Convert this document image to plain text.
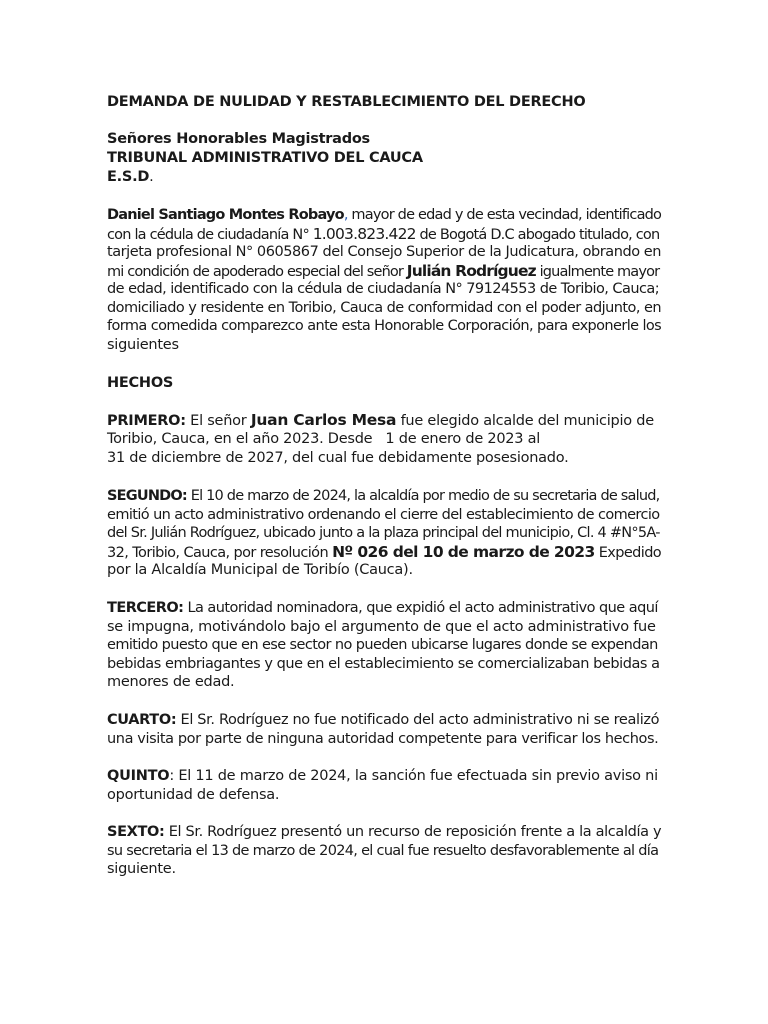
DEMANDA DE NULIDAD Y RESTABLECIMIENTO DEL DERECHO
Señores Honorables Magistrados
TRIBUNAL ADMINISTRATIVO DEL CAUCA
E.S.D.
Daniel Santiago Montes Robayo, mayor de edad y de esta vecindad, identificado
con la cédula de ciudadanía N° 1.003.823.422 de Bogotá D.C abogado titulado, con
tarjeta profesional N° 0605867 del Consejo Superior de la Judicatura, obrando en
mi condición de apoderado especial del señor Julián Rodríguez igualmente mayor
de edad, identificado con la cédula de ciudadanía N° 79124553 de Toribio, Cauca;
domiciliado y residente en Toribio, Cauca de conformidad con el poder adjunto, en
forma comedida comparezco ante esta Honorable Corporación, para exponerle los
siguientes
HECHOS
PRIMERO: El señor Juan Carlos Mesa fue elegido alcalde del municipio de
Toribio, Cauca, en el año 2023. Desde   1 de enero de 2023 al
31 de diciembre de 2027, del cual fue debidamente posesionado.
SEGUNDO: El 10 de marzo de 2024, la alcaldía por medio de su secretaria de salud,
emitió un acto administrativo ordenando el cierre del establecimiento de comercio
del Sr. Julián Rodríguez, ubicado junto a la plaza principal del municipio, Cl. 4 #N°5A-
32, Toribio, Cauca, por resolución Nº 026 del 10 de marzo de 2023 Expedido
por la Alcaldía Municipal de Toribío (Cauca).
TERCERO: La autoridad nominadora, que expidió el acto administrativo que aquí
se impugna, motivándolo bajo el argumento de que el acto administrativo fue
emitido puesto que en ese sector no pueden ubicarse lugares donde se expendan
bebidas embriagantes y que en el establecimiento se comercializaban bebidas a
menores de edad.
CUARTO: El Sr. Rodríguez no fue notificado del acto administrativo ni se realizó
una visita por parte de ninguna autoridad competente para verificar los hechos.
QUINTO: El 11 de marzo de 2024, la sanción fue efectuada sin previo aviso ni
oportunidad de defensa.
SEXTO: El Sr. Rodríguez presentó un recurso de reposición frente a la alcaldía y
su secretaria el 13 de marzo de 2024, el cual fue resuelto desfavorablemente al día
siguiente.
